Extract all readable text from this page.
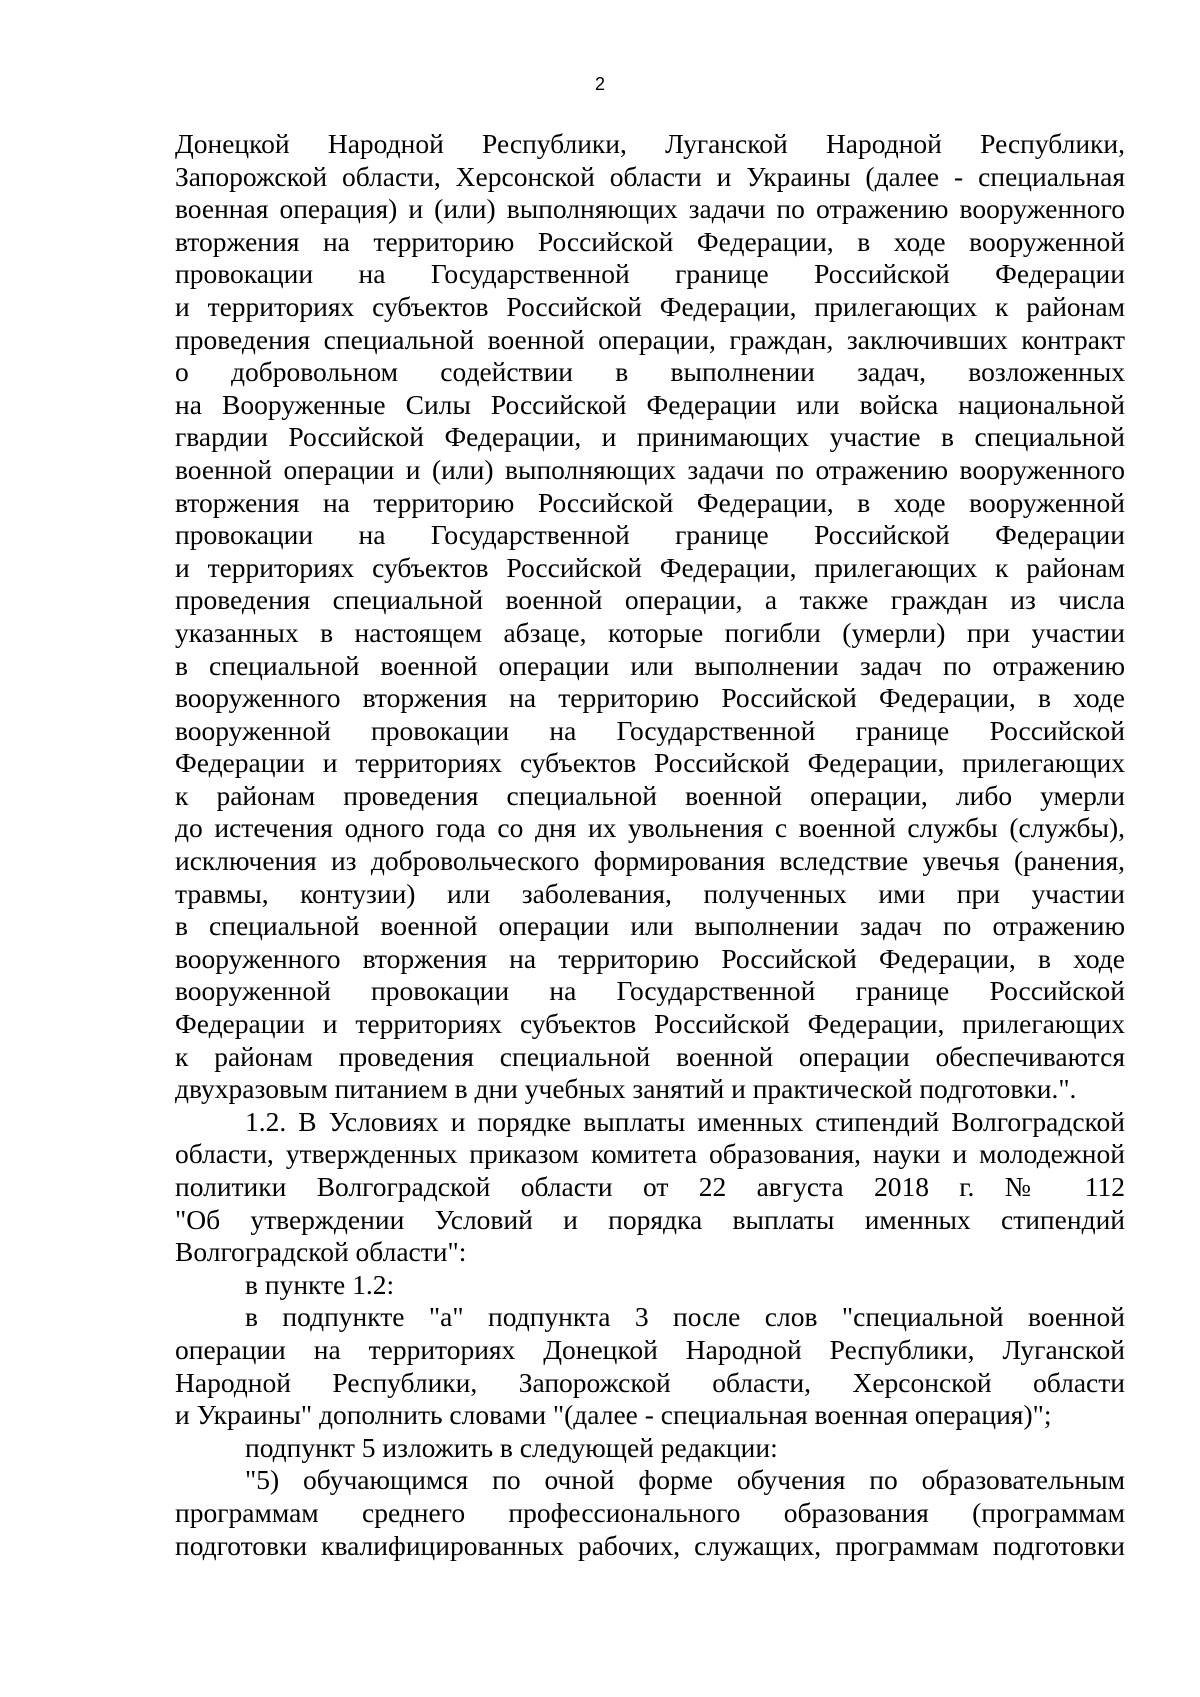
2
Донецкой Народной Республики, Луганской Народной Республики,
Запорожской области, Херсонской области и Украины (далее - специальная
военная операция) и (или) выполняющих задачи по отражению вооруженного
вторжения на территорию Российской Федерации, в ходе вооруженной
провокации на Государственной границе Российской Федерации
и территориях субъектов Российской Федерации, прилегающих к районам
проведения специальной военной операции, граждан, заключивших контракт
о добровольном содействии в выполнении задач, возложенных
на Вооруженные Силы Российской Федерации или войска национальной
гвардии Российской Федерации, и принимающих участие в специальной
военной операции и (или) выполняющих задачи по отражению вооруженного
вторжения на территорию Российской Федерации, в ходе вооруженной
провокации на Государственной границе Российской Федерации
и территориях субъектов Российской Федерации, прилегающих к районам
проведения специальной военной операции, а также граждан из числа
указанных в настоящем абзаце, которые погибли (умерли) при участии
в специальной военной операции или выполнении задач по отражению
вооруженного вторжения на территорию Российской Федерации, в ходе
вооруженной провокации на Государственной границе Российской
Федерации и территориях субъектов Российской Федерации, прилегающих
к районам проведения специальной военной операции, либо умерли
до истечения одного года со дня их увольнения с военной службы (службы),
исключения из добровольческого формирования вследствие увечья (ранения,
травмы, контузии) или заболевания, полученных ими при участии
в специальной военной операции или выполнении задач по отражению
вооруженного вторжения на территорию Российской Федерации, в ходе
вооруженной провокации на Государственной границе Российской
Федерации и территориях субъектов Российской Федерации, прилегающих
к районам проведения специальной военной операции обеспечиваются
двухразовым питанием в дни учебных занятий и практической подготовки.".
1.2. В Условиях и порядке выплаты именных стипендий Волгоградской
области, утвержденных приказом комитета образования, науки и молодежной
политики Волгоградской области от 22 августа 2018 г. № 112
"Об утверждении Условий и порядка выплаты именных стипендий
Волгоградской области":
в пункте 1.2:
в подпункте "а" подпункта 3 после слов "специальной военной
операции на территориях Донецкой Народной Республики, Луганской
Народной Республики, Запорожской области, Херсонской области
и Украины" дополнить словами "(далее - специальная военная операция)";
подпункт 5 изложить в следующей редакции:
"5) обучающимся по очной форме обучения по образовательным
программам среднего профессионального образования (программам
подготовки квалифицированных рабочих, служащих, программам подготовки
